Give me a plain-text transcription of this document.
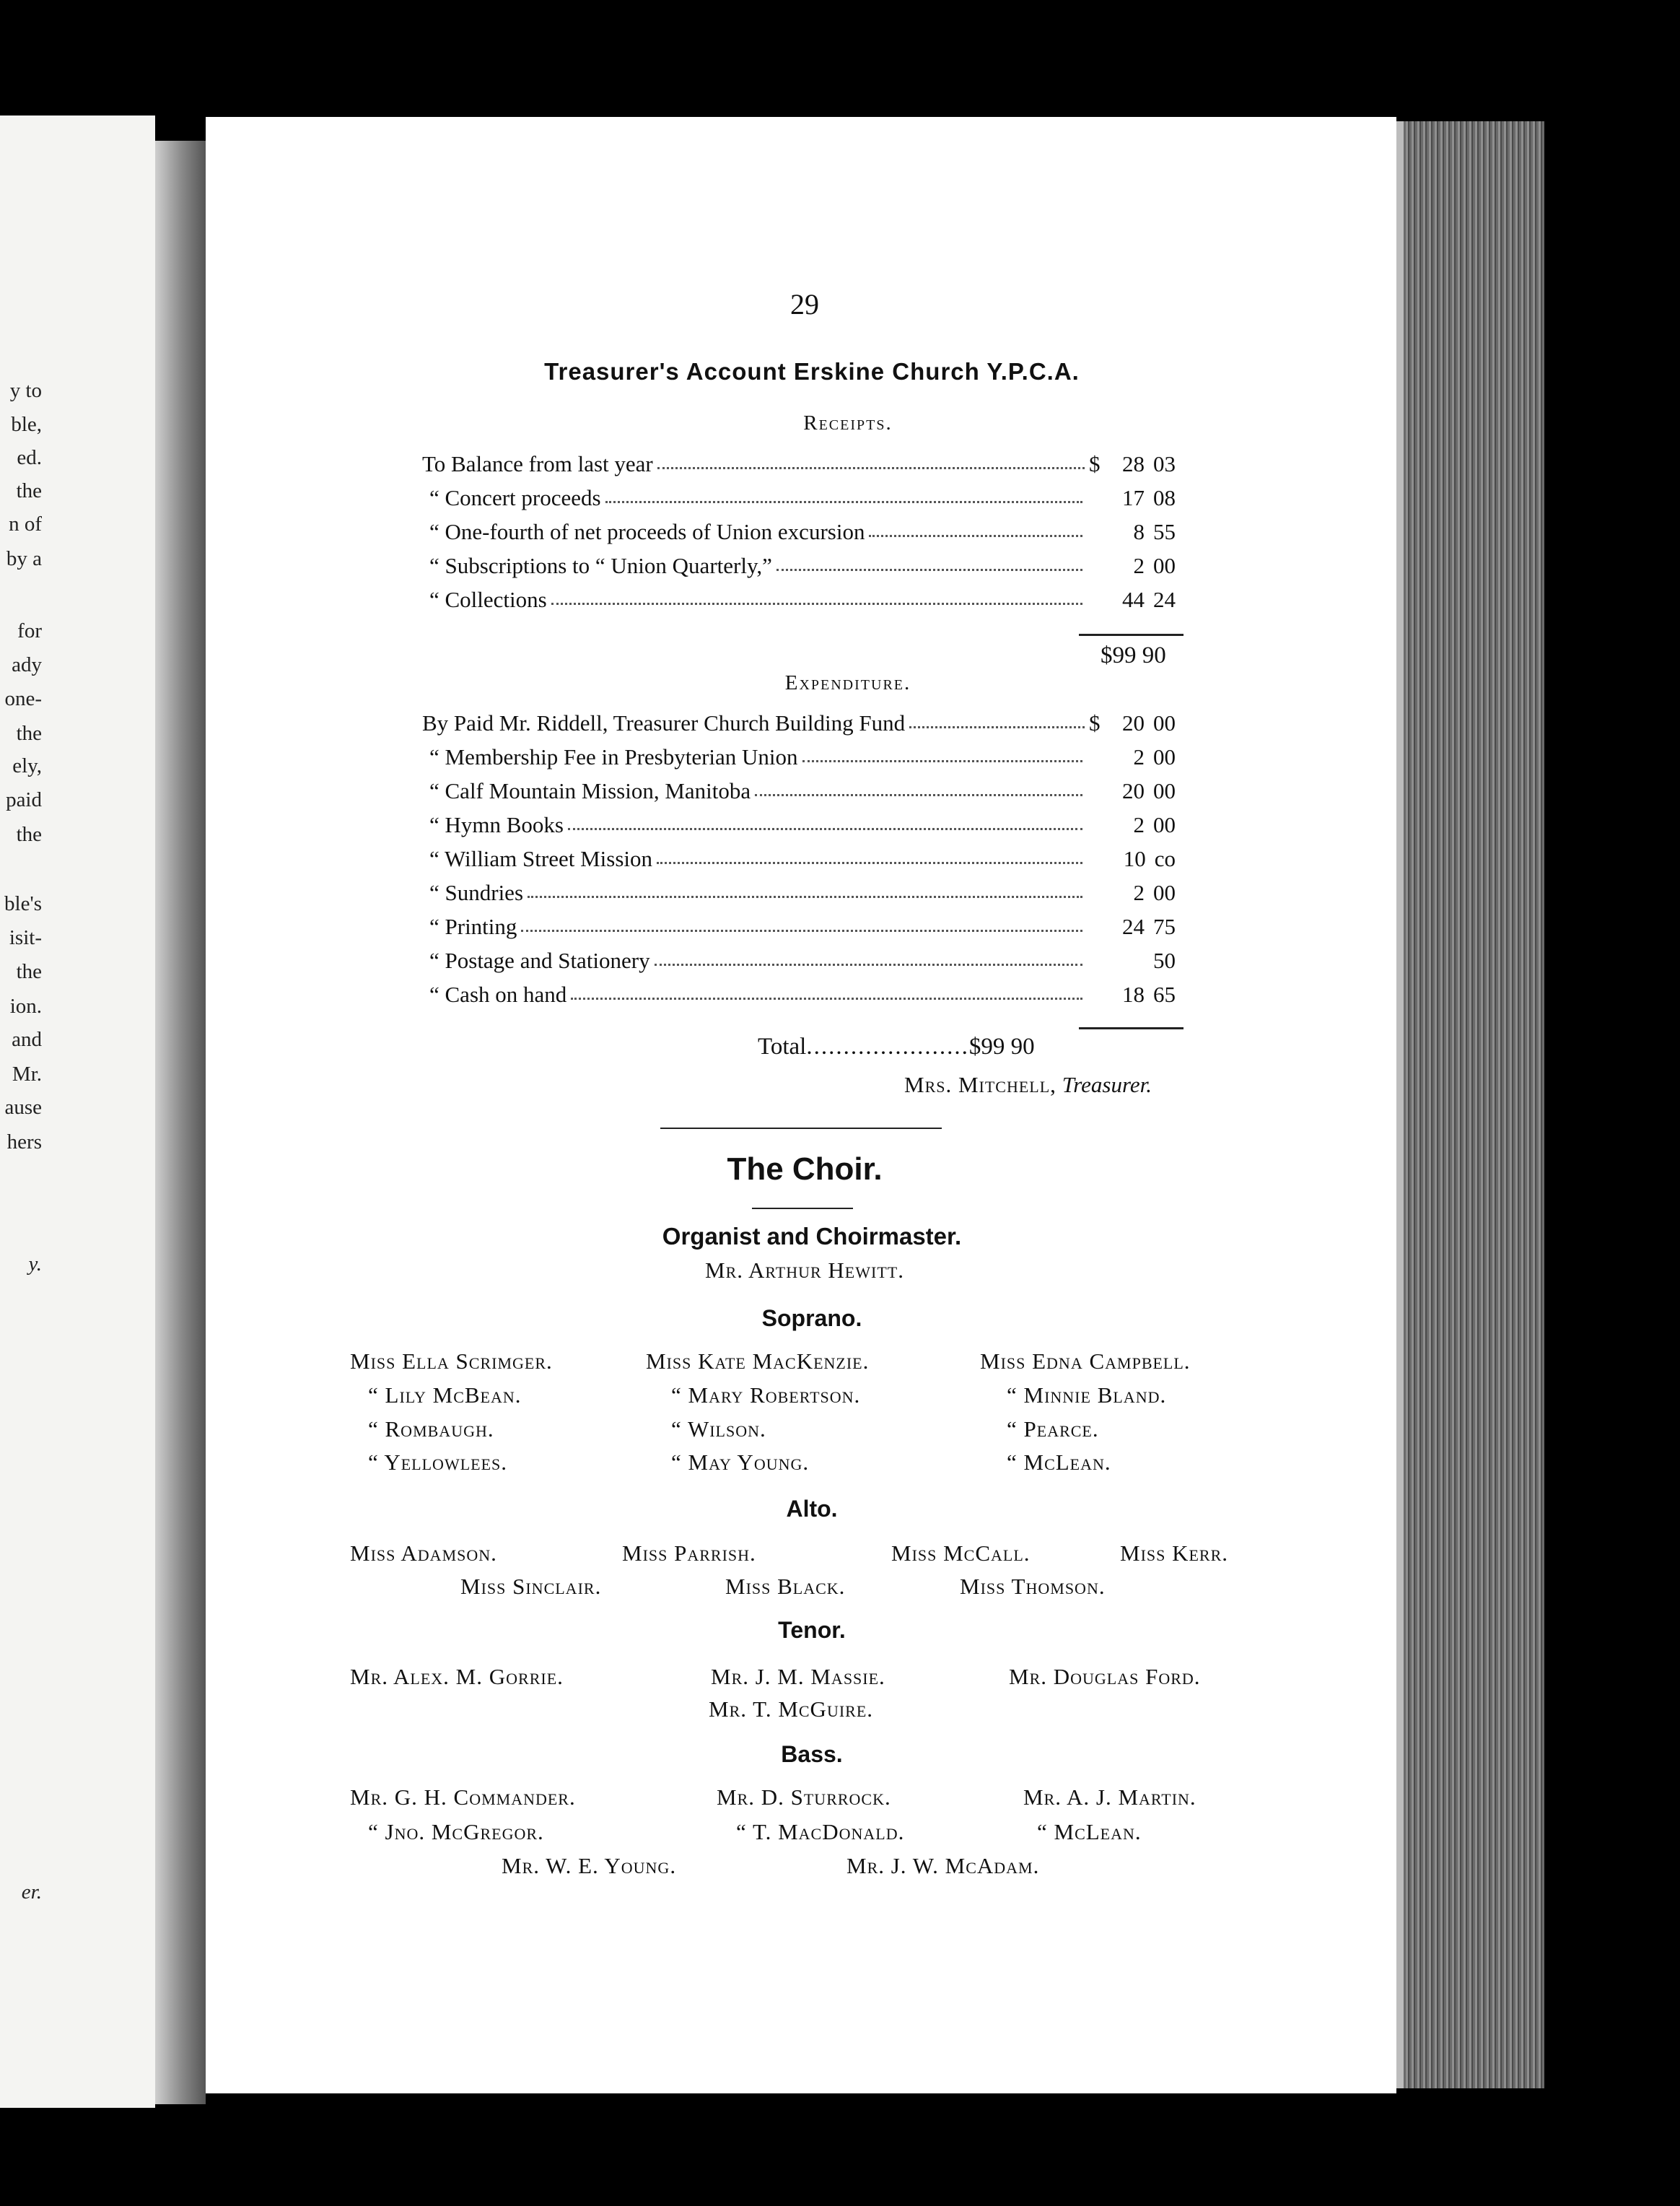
y to
ble,
ed.
the
n of
by a
for
ady
one-
the
ely,
paid
the
ble's
isit-
the
ion.
and
Mr.
ause
hers
y.
er.
29
Treasurer's Account Erskine Church Y.P.C.A.
Receipts.
To Balance from last year	$ 28 03
“ Concert proceeds	17 08
“ One-fourth of net proceeds of Union excursion	8 55
“ Subscriptions to “ Union Quarterly,”	2 00
“ Collections	44 24
$99 90
Expenditure.
By Paid Mr. Riddell, Treasurer Church Building Fund	$ 20 00
“ Membership Fee in Presbyterian Union	2 00
“ Calf Mountain Mission, Manitoba	20 00
“ Hymn Books	2 00
“ William Street Mission	10 co
“ Sundries	2 00
“ Printing	24 75
“ Postage and Stationery	50
“ Cash on hand	18 65
Total......................$99 90
Mrs. Mitchell, Treasurer.
The Choir.
Organist and Choirmaster.
Mr. Arthur Hewitt.
Soprano.
Miss Ella Scrimger.	Miss Kate MacKenzie.	Miss Edna Campbell.
“ Lily McBean.	“ Mary Robertson.	“ Minnie Bland.
“ Rombaugh.	“ Wilson.	“ Pearce.
“ Yellowlees.	“ May Young.	“ McLean.
Alto.
Miss Adamson.	Miss Parrish.	Miss McCall.	Miss Kerr.
Miss Sinclair.	Miss Black.	Miss Thomson.
Tenor.
Mr. Alex. M. Gorrie.	Mr. J. M. Massie.	Mr. Douglas Ford.
Mr. T. McGuire.
Bass.
Mr. G. H. Commander.	Mr. D. Sturrock.	Mr. A. J. Martin.
“ Jno. McGregor.	“ T. MacDonald.	“ McLean.
Mr. W. E. Young.	Mr. J. W. McAdam.
